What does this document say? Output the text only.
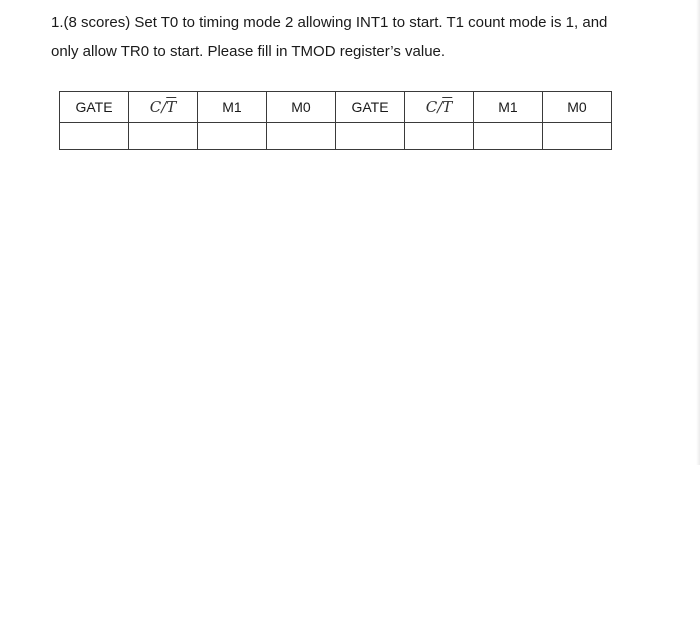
1.(8 scores) Set T0 to timing mode 2 allowing INT1 to start. T1 count mode is 1, and
only allow TR0 to start. Please fill in TMOD register’s value.
GATE	$C/\overline{T}$	M1	M0	GATE	$C/\overline{T}$	M1	M0
